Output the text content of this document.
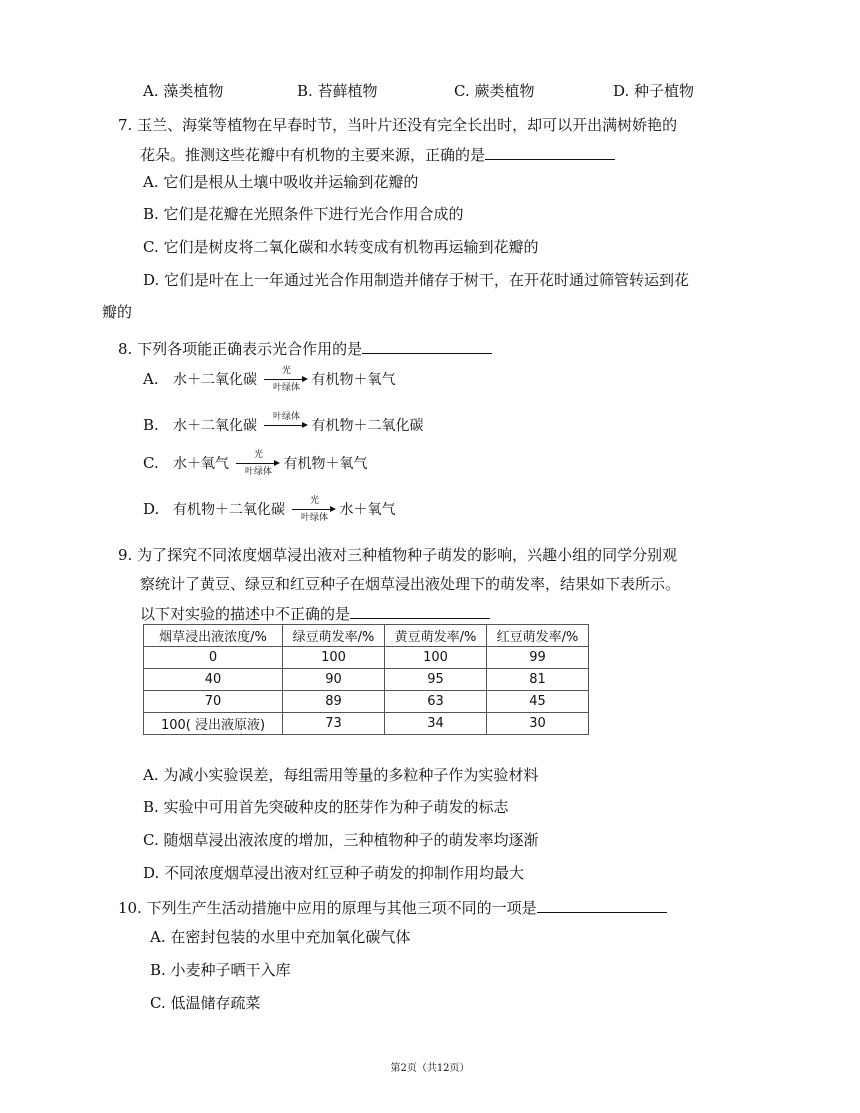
A. 藻类植物	B. 苔藓植物	C. 蕨类植物	D. 种子植物
7. 玉兰、海棠等植物在早春时节，当叶片还没有完全长出时，却可以开出满树娇艳的
花朵。推测这些花瓣中有机物的主要来源，正确的是
A. 它们是根从土壤中吸收并运输到花瓣的
B. 它们是花瓣在光照条件下进行光合作用合成的
C. 它们是树皮将二氧化碳和水转变成有机物再运输到花瓣的
D. 它们是叶在上一年通过光合作用制造并储存于树干，在开花时通过筛管转运到花
瓣的
8. 下列各项能正确表示光合作用的是
A. 水＋二氧化碳
光
叶绿体 有机物＋氧气
B. 水＋二氧化碳
叶绿体
有机物＋二氧化碳
C. 水＋氧气
光
叶绿体 有机物＋氧气
D. 有机物＋二氧化碳
光
叶绿体 水＋氧气
9. 为了探究不同浓度烟草浸出液对三种植物种子萌发的影响，兴趣小组的同学分别观
察统计了黄豆、绿豆和红豆种子在烟草浸出液处理下的萌发率，结果如下表所示。
以下对实验的描述中不正确的是
烟草浸出液浓度/%	绿豆萌发率/%	黄豆萌发率/%	红豆萌发率/%
0	100	100	99
40	90	95	81
70	89	63	45
100( 浸出液原液)	73	34	30
A. 为减小实验误差，每组需用等量的多粒种子作为实验材料
B. 实验中可用首先突破种皮的胚芽作为种子萌发的标志
C. 随烟草浸出液浓度的增加，三种植物种子的萌发率均逐渐
D. 不同浓度烟草浸出液对红豆种子萌发的抑制作用均最大
10. 下列生产生活动措施中应用的原理与其他三项不同的一项是
A. 在密封包装的水里中充加氧化碳气体
B. 小麦种子晒干入库
C. 低温储存疏菜
第2页（共12页）
